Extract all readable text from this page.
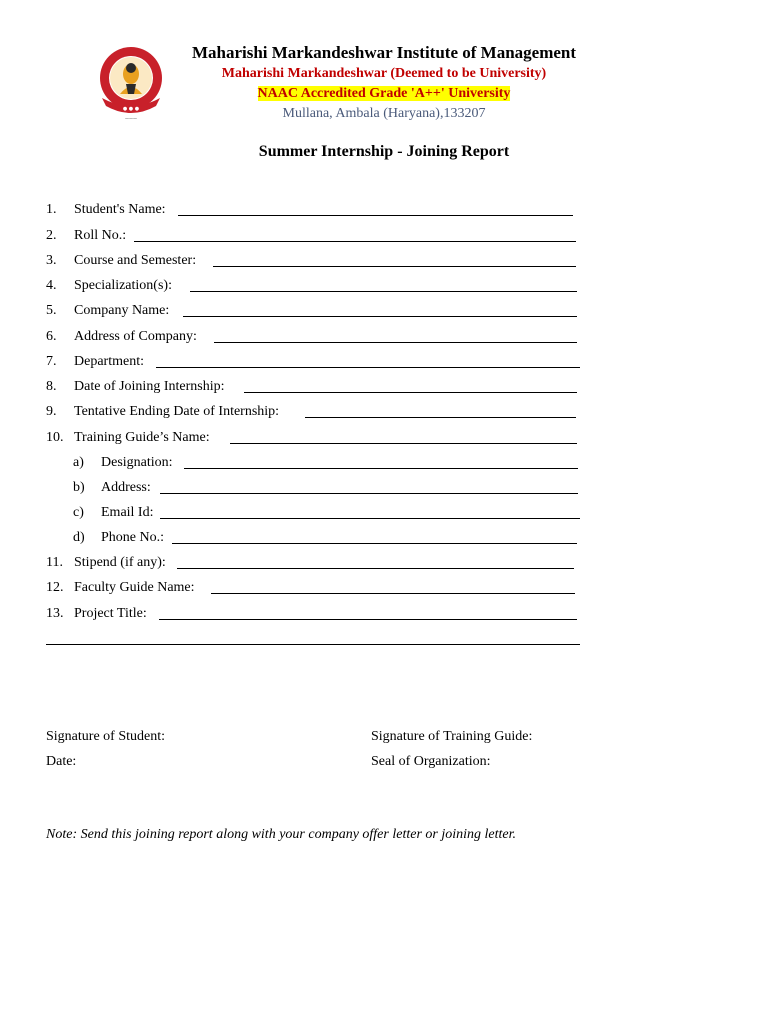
● ● ●
———
Maharishi Markandeshwar Institute of Management
Maharishi Markandeshwar (Deemed to be University)
NAAC Accredited Grade 'A++' University
Mullana, Ambala (Haryana),133207
Summer Internship - Joining Report
1. Student's Name:
2. Roll No.:
3. Course and Semester:
4. Specialization(s):
5. Company Name:
6. Address of Company:
7. Department:
8. Date of Joining Internship:
9. Tentative Ending Date of Internship:
10. Training Guide’s Name:
a) Designation:
b) Address:
c) Email Id:
d) Phone No.:
11. Stipend (if any):
12. Faculty Guide Name:
13. Project Title:
Signature of Student:
Date:
Signature of Training Guide:
Seal of Organization:
Note: Send this joining report along with your company offer letter or joining letter.
